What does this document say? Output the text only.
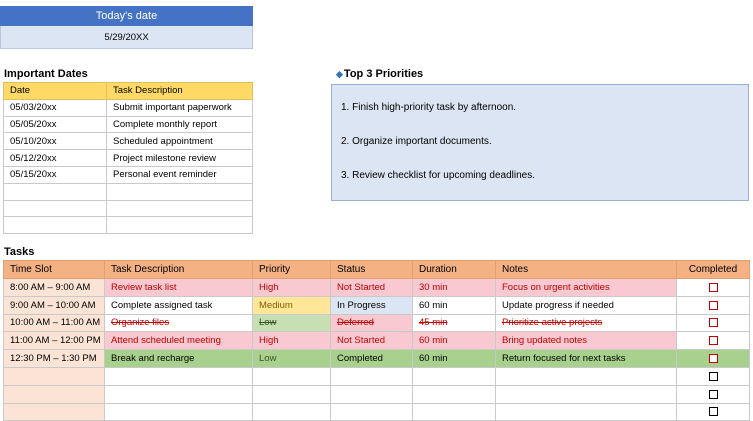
Today's date
5/29/20XX
Important Dates
Date	Task Description
05/03/20xx	Submit important paperwork
05/05/20xx	Complete monthly report
05/10/20xx	Scheduled appointment
05/12/20xx	Project milestone review
05/15/20xx	Personal event reminder

◆Top 3 Priorities
1. Finish high-priority task by afternoon.
2. Organize important documents.
3. Review checklist for upcoming deadlines.
Tasks
Time Slot	Task Description	Priority	Status	Duration	Notes	Completed
8:00 AM – 9:00 AM	Review task list	High	Not Started	30 min	Focus on urgent activities	
9:00 AM – 10:00 AM	Complete assigned task	Medium	In Progress	60 min	Update progress if needed	
10:00 AM – 11:00 AM	Organize files	Low	Deferred	45 min	Prioritize active projects	
11:00 AM – 12:00 PM	Attend scheduled meeting	High	Not Started	60 min	Bring updated notes	
12:30 PM – 1:30 PM	Break and recharge	Low	Completed	60 min	Return focused for next tasks	
